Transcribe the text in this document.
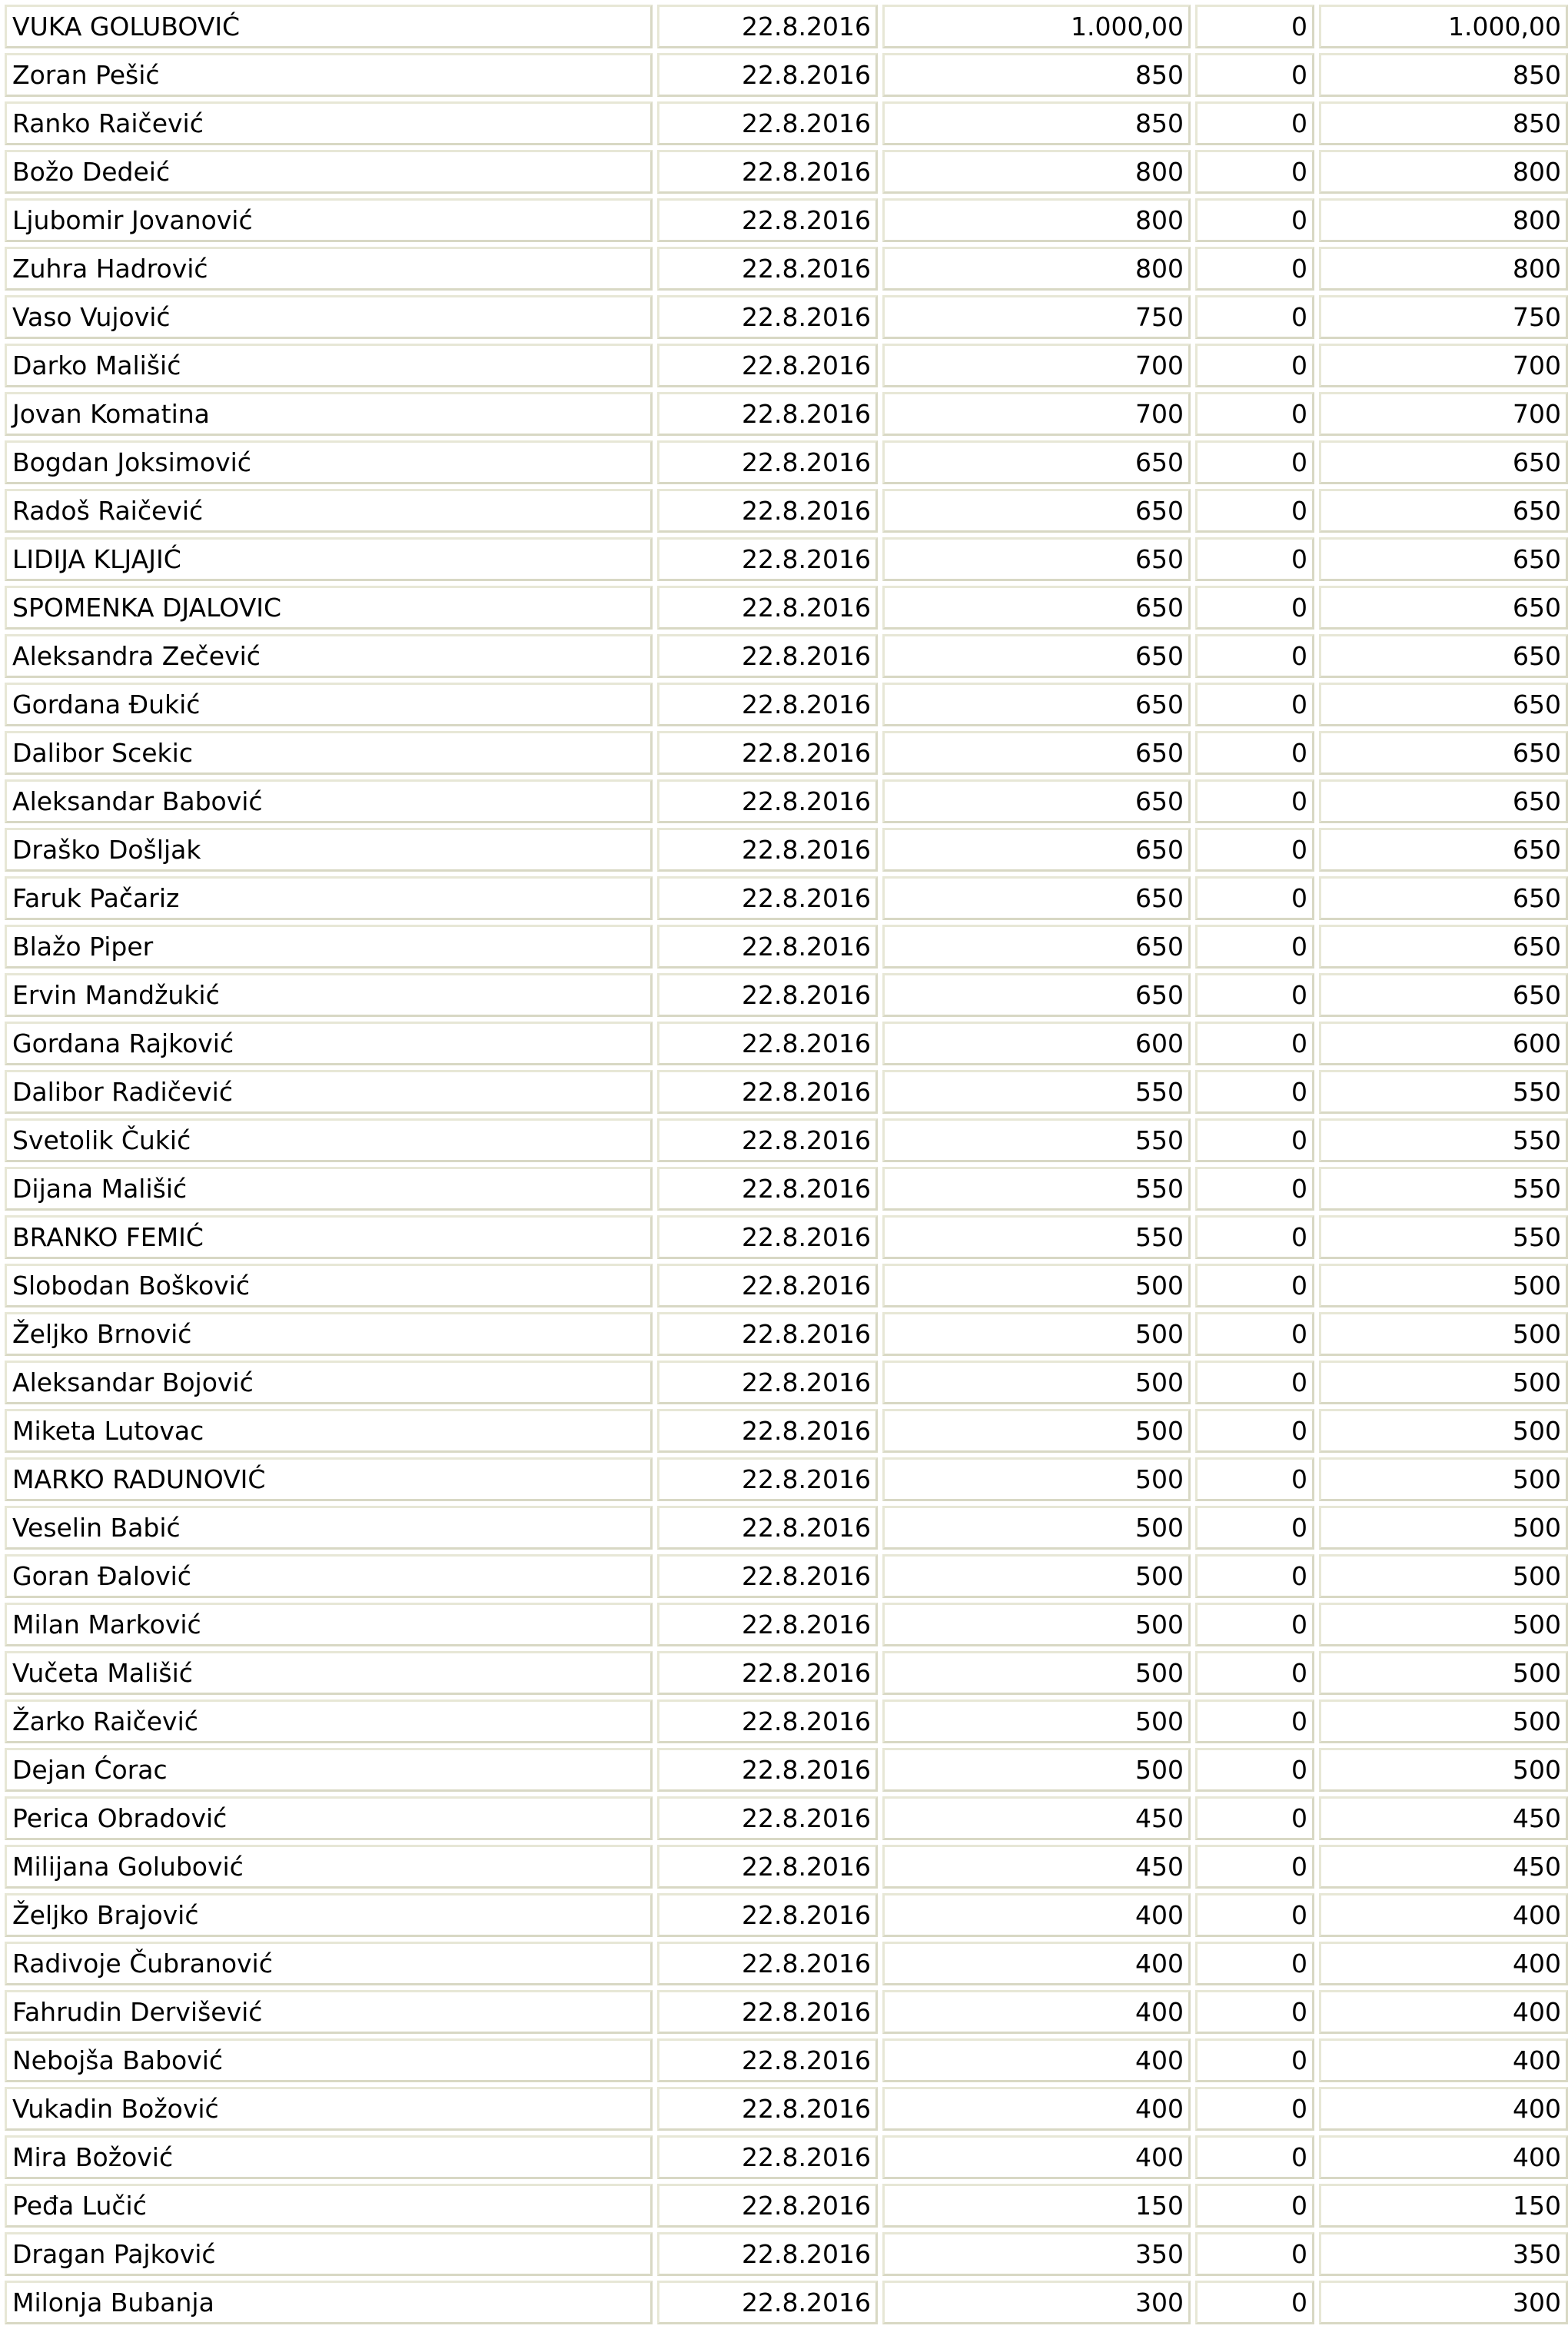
VUKA GOLUBOVIĆ	22.8.2016	1.000,00	0	1.000,00
Zoran Pešić	22.8.2016	850	0	850
Ranko Raičević	22.8.2016	850	0	850
Božo Dedeić	22.8.2016	800	0	800
Ljubomir Jovanović	22.8.2016	800	0	800
Zuhra Hadrović	22.8.2016	800	0	800
Vaso Vujović	22.8.2016	750	0	750
Darko Mališić	22.8.2016	700	0	700
Jovan Komatina	22.8.2016	700	0	700
Bogdan Joksimović	22.8.2016	650	0	650
Radoš Raičević	22.8.2016	650	0	650
LIDIJA KLJAJIĆ	22.8.2016	650	0	650
SPOMENKA DJALOVIC	22.8.2016	650	0	650
Aleksandra Zečević	22.8.2016	650	0	650
Gordana Đukić	22.8.2016	650	0	650
Dalibor Scekic	22.8.2016	650	0	650
Aleksandar Babović	22.8.2016	650	0	650
Draško Došljak	22.8.2016	650	0	650
Faruk Pačariz	22.8.2016	650	0	650
Blažo Piper	22.8.2016	650	0	650
Ervin Mandžukić	22.8.2016	650	0	650
Gordana Rajković	22.8.2016	600	0	600
Dalibor Radičević	22.8.2016	550	0	550
Svetolik Čukić	22.8.2016	550	0	550
Dijana Mališić	22.8.2016	550	0	550
BRANKO FEMIĆ	22.8.2016	550	0	550
Slobodan Bošković	22.8.2016	500	0	500
Željko Brnović	22.8.2016	500	0	500
Aleksandar Bojović	22.8.2016	500	0	500
Miketa Lutovac	22.8.2016	500	0	500
MARKO RADUNOVIĆ	22.8.2016	500	0	500
Veselin Babić	22.8.2016	500	0	500
Goran Đalović	22.8.2016	500	0	500
Milan Marković	22.8.2016	500	0	500
Vučeta Mališić	22.8.2016	500	0	500
Žarko Raičević	22.8.2016	500	0	500
Dejan Ćorac	22.8.2016	500	0	500
Perica Obradović	22.8.2016	450	0	450
Milijana Golubović	22.8.2016	450	0	450
Željko Brajović	22.8.2016	400	0	400
Radivoje Čubranović	22.8.2016	400	0	400
Fahrudin Dervišević	22.8.2016	400	0	400
Nebojša Babović	22.8.2016	400	0	400
Vukadin Božović	22.8.2016	400	0	400
Mira Božović	22.8.2016	400	0	400
Peđa Lučić	22.8.2016	150	0	150
Dragan Pajković	22.8.2016	350	0	350
Milonja Bubanja	22.8.2016	300	0	300
